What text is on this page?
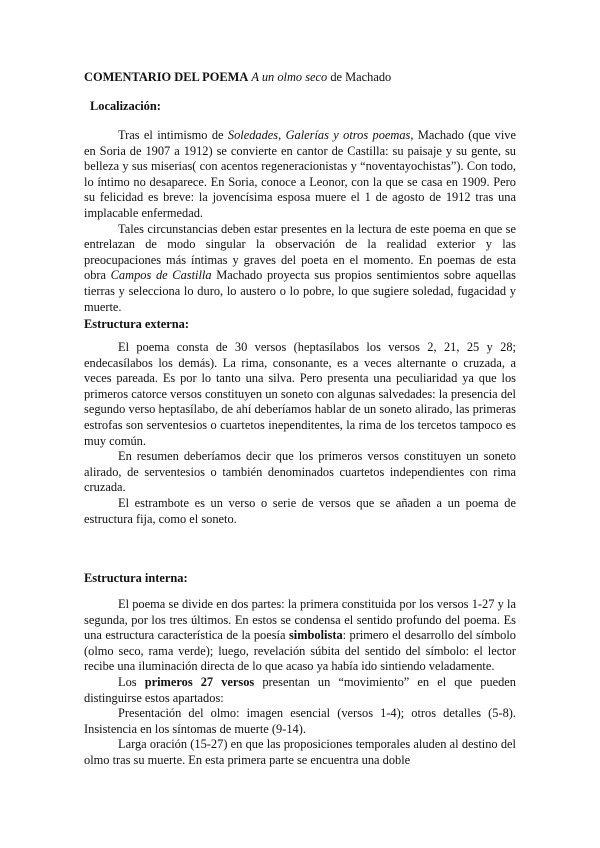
COMENTARIO DEL POEMA A un olmo seco de Machado
Localización:

Tras el intimismo de Soledades, Galerías y otros poemas, Machado (que vive en Soria de 1907 a 1912) se convierte en cantor de Castilla: su paisaje y su gente, su belleza y sus miserias( con acentos regeneracionistas y “noventayochistas”). Con todo, lo íntimo no desaparece. En Soria, conoce a Leonor, con la que se casa en 1909. Pero su felicidad es breve: la jovencísima esposa muere el 1 de agosto de 1912 tras una implacable enfermedad.

Tales circunstancias deben estar presentes en la lectura de este poema en que se entrelazan de modo singular la observación de la realidad exterior y las preocupaciones más íntimas y graves del poeta en el momento. En poemas de esta obra Campos de Castilla Machado proyecta sus propios sentimientos sobre aquellas tierras y selecciona lo duro, lo austero o lo pobre, lo que sugiere soledad, fugacidad y muerte.

Estructura externa:

El poema consta de 30 versos (heptasílabos los versos 2, 21, 25 y 28; endecasílabos los demás). La rima, consonante, es a veces alternante o cruzada, a veces pareada. Es por lo tanto una silva. Pero presenta una peculiaridad ya que los primeros catorce versos constituyen un soneto con algunas salvedades: la presencia del segundo verso heptasílabo, de ahí deberíamos hablar de un soneto alirado, las primeras estrofas son serventesios o cuartetos inependitentes, la rima de los tercetos tampoco es muy común.

En resumen deberíamos decir que los primeros versos constituyen un soneto alirado, de serventesios o también denominados cuartetos independientes con rima cruzada.

El estrambote es un verso o serie de versos que se añaden a un poema de estructura fija, como el soneto.

Estructura interna:

El poema se divide en dos partes: la primera constituida por los versos 1-27 y la segunda, por los tres últimos. En estos se condensa el sentido profundo del poema. Es una estructura característica de la poesía simbolista: primero el desarrollo del símbolo (olmo seco, rama verde); luego, revelación súbita del sentido del símbolo: el lector recibe una iluminación directa de lo que acaso ya había ido sintiendo veladamente.

Los primeros 27 versos presentan un “movimiento” en el que pueden distinguirse estos apartados:

Presentación del olmo: imagen esencial (versos 1-4); otros detalles (5-8). Insistencia en los síntomas de muerte (9-14).

Larga oración (15-27) en que las proposiciones temporales aluden al destino del olmo tras su muerte. En esta primera parte se encuentra una doble
